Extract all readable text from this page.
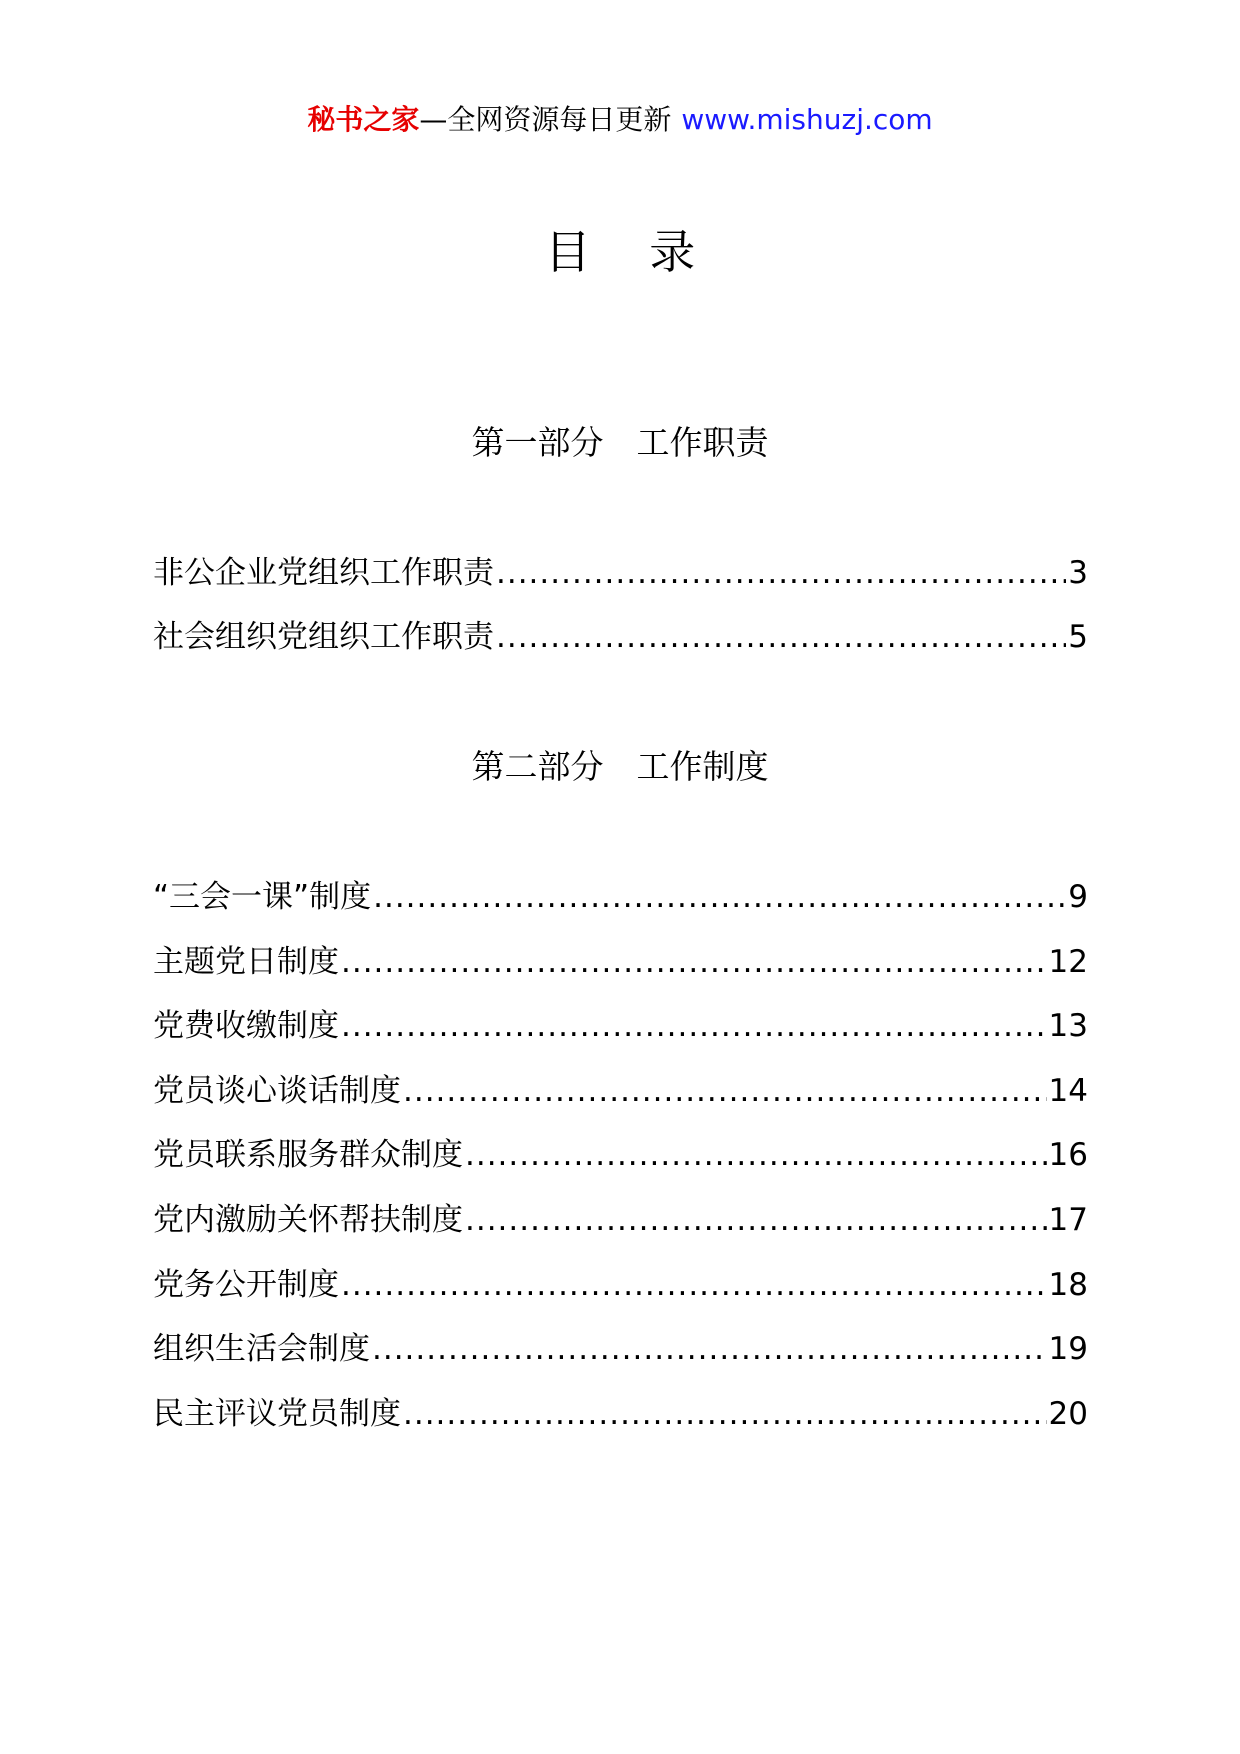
秘书之家—全网资源每日更新 www.mishuzj.com
目 录
第一部分　工作职责
非公企业党组织工作职责 .....	3
社会组织党组织工作职责 .....	5
第二部分　工作制度
“三会一课”制度 .....	9
主题党日制度 .....	12
党费收缴制度 .....	13
党员谈心谈话制度 .....	14
党员联系服务群众制度 .....	16
党内激励关怀帮扶制度 .....	17
党务公开制度 .....	18
组织生活会制度 .....	19
民主评议党员制度 .....	20
